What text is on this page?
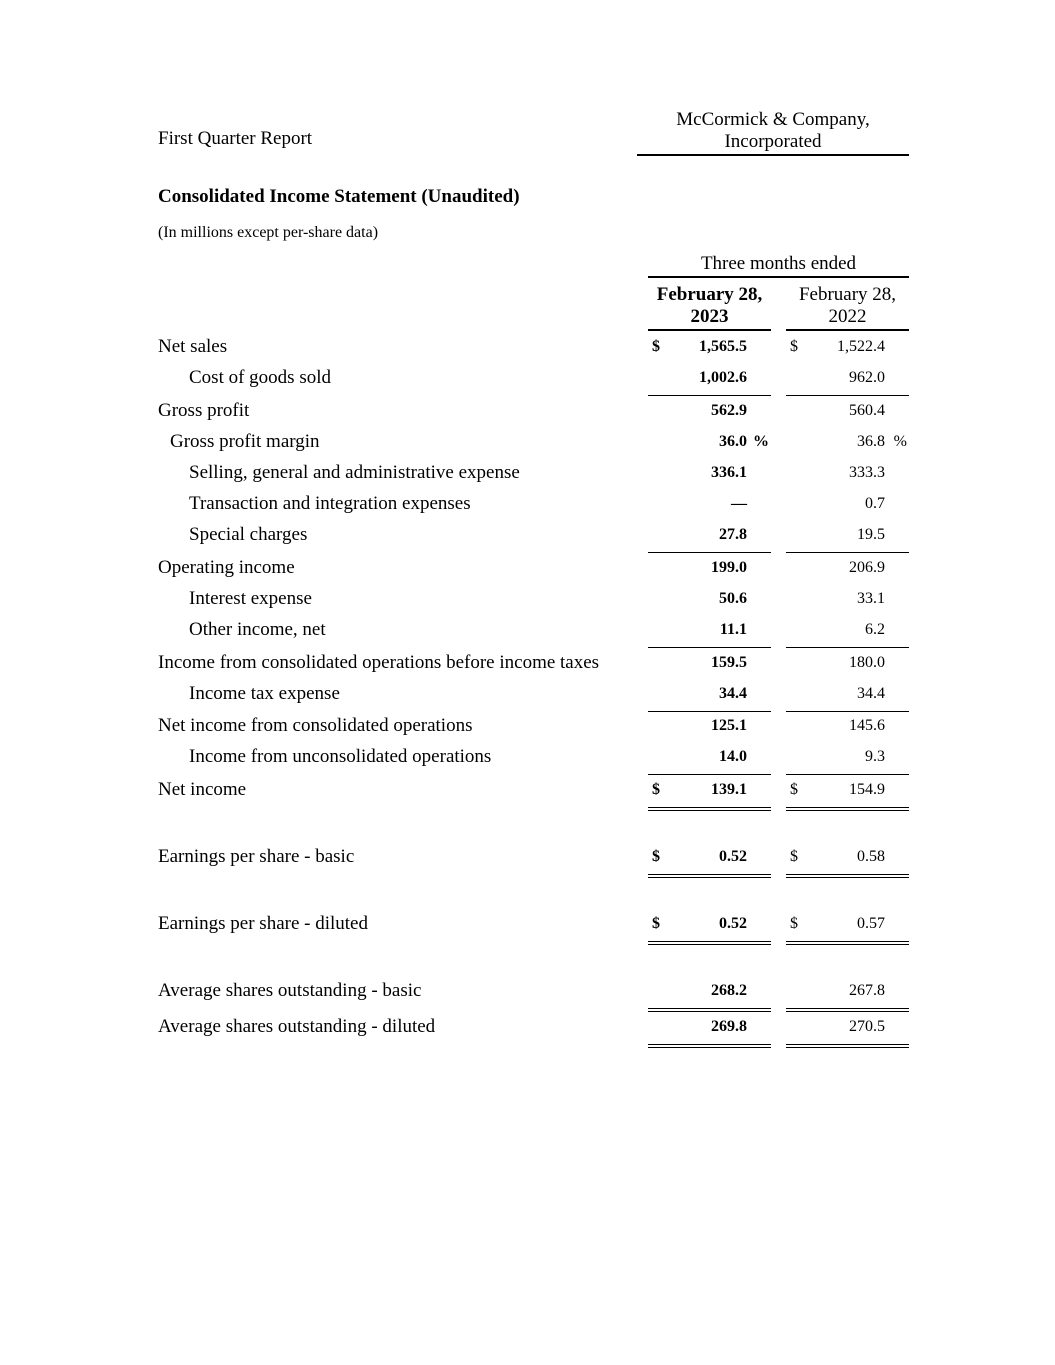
First Quarter Report
McCormick & Company,
Incorporated
Consolidated Income Statement (Unaudited)
(In millions except per-share data)
Three months ended
February 28,
2023
February 28,
2022
Net sales	$ 1,565.5	$ 1,522.4
Cost of goods sold	1,002.6	962.0
Gross profit	562.9	560.4
Gross profit margin	36.0 %	36.8 %
Selling, general and administrative expense	336.1	333.3
Transaction and integration expenses	—	0.7
Special charges	27.8	19.5
Operating income	199.0	206.9
Interest expense	50.6	33.1
Other income, net	11.1	6.2
Income from consolidated operations before income taxes	159.5	180.0
Income tax expense	34.4	34.4
Net income from consolidated operations	125.1	145.6
Income from unconsolidated operations	14.0	9.3
Net income	$	139.1	$	154.9
Earnings per share - basic	$	0.52	$	0.58
Earnings per share - diluted	$	0.52	$	0.57
Average shares outstanding - basic	268.2	267.8
Average shares outstanding - diluted	269.8	270.5
